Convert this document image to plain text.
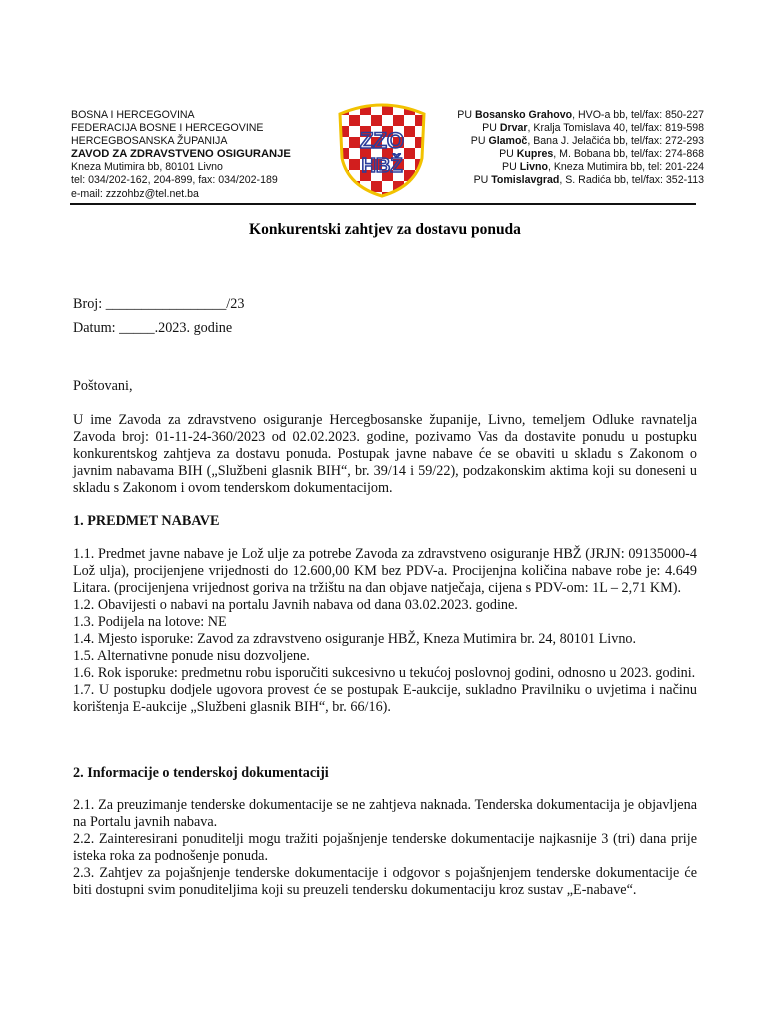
BOSNA I HERCEGOVINA
FEDERACIJA BOSNE I HERCEGOVINE
HERCEGBOSANSKA ŽUPANIJA
ZAVOD ZA ZDRAVSTVENO OSIGURANJE
Kneza Mutimira bb, 80101 Livno
tel: 034/202-162, 204-899, fax: 034/202-189
e-mail: zzzohbz@tel.net.ba
ZZO
HBŽ
PU Bosansko Grahovo, HVO-a bb, tel/fax: 850-227
PU Drvar, Kralja Tomislava 40, tel/fax: 819-598
PU Glamoč, Bana J. Jelačića bb, tel/fax: 272-293
PU Kupres, M. Bobana bb, tel/fax: 274-868
PU Livno, Kneza Mutimira bb, tel: 201-224
PU Tomislavgrad, S. Radića bb, tel/fax: 352-113
Konkurentski zahtjev za dostavu ponuda

Broj: _________________/23

Datum: _____.2023. godine

Poštovani,
U ime Zavoda za zdravstveno osiguranje Hercegbosanske županije, Livno, temeljem Odluke ravnatelja Zavoda broj: 01-11-24-360/2023 od 02.02.2023. godine, pozivamo Vas da dostavite ponudu u postupku konkurentskog zahtjeva za dostavu ponuda. Postupak javne nabave će se obaviti u skladu s Zakonom o javnim nabavama BIH („Službeni glasnik BIH“, br. 39/14 i 59/22), podzakonskim aktima koji su doneseni u skladu s Zakonom i ovom tenderskom dokumentacijom.
1. PREDMET NABAVE

1.1. Predmet javne nabave je Lož ulje za potrebe Zavoda za zdravstveno osiguranje HBŽ (JRJN: 09135000-4 Lož ulja), procijenjene vrijednosti do 12.600,00 KM bez PDV-a. Procijenjna količina nabave robe je: 4.649 Litara. (procijenjena vrijednost goriva na tržištu na dan objave natječaja, cijena s PDV-om: 1L – 2,71 KM).

1.2. Obavijesti o nabavi na portalu Javnih nabava od dana 03.02.2023. godine.

1.3. Podijela na lotove: NE

1.4. Mjesto isporuke: Zavod za zdravstveno osiguranje HBŽ, Kneza Mutimira br. 24, 80101 Livno.

1.5. Alternativne ponude nisu dozvoljene.

1.6. Rok isporuke: predmetnu robu isporučiti sukcesivno u tekućoj poslovnoj godini, odnosno u 2023. godini.

1.7. U postupku dodjele ugovora provest će se postupak E-aukcije, sukladno Pravilniku o uvjetima i načinu korištenja E-aukcije „Službeni glasnik BIH“, br. 66/16).

2. Informacije o tenderskoj dokumentaciji

2.1. Za preuzimanje tenderske dokumentacije se ne zahtjeva naknada. Tenderska dokumentacija je objavljena na Portalu javnih nabava.

2.2. Zainteresirani ponuditelji mogu tražiti pojašnjenje tenderske dokumentacije najkasnije 3 (tri) dana prije isteka roka za podnošenje ponuda.

2.3. Zahtjev za pojašnjenje tenderske dokumentacije i odgovor s pojašnjenjem tenderske dokumentacije će biti dostupni svim ponuditeljima koji su preuzeli tendersku dokumentaciju kroz sustav „E-nabave“.
